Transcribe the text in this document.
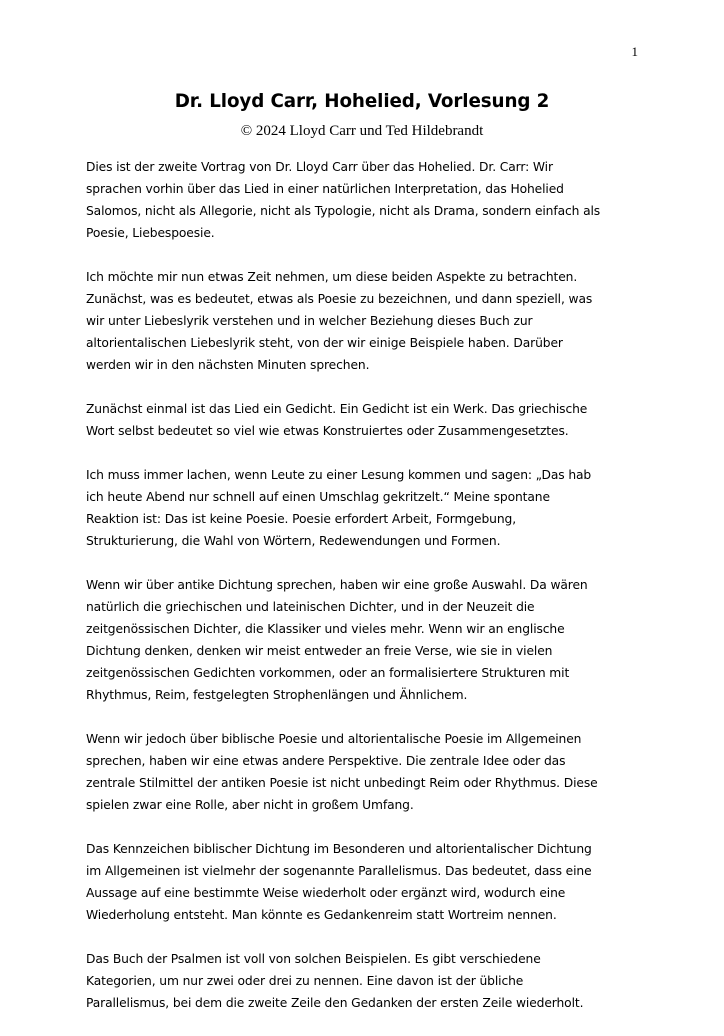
1
Dr. Lloyd Carr, Hohelied, Vorlesung 2
© 2024 Lloyd Carr und Ted Hildebrandt
Dies ist der zweite Vortrag von Dr. Lloyd Carr über das Hohelied. Dr. Carr: Wir
sprachen vorhin über das Lied in einer natürlichen Interpretation, das Hohelied
Salomos, nicht als Allegorie, nicht als Typologie, nicht als Drama, sondern einfach als
Poesie, Liebespoesie.
Ich möchte mir nun etwas Zeit nehmen, um diese beiden Aspekte zu betrachten.
Zunächst, was es bedeutet, etwas als Poesie zu bezeichnen, und dann speziell, was
wir unter Liebeslyrik verstehen und in welcher Beziehung dieses Buch zur
altorientalischen Liebeslyrik steht, von der wir einige Beispiele haben. Darüber
werden wir in den nächsten Minuten sprechen.
Zunächst einmal ist das Lied ein Gedicht. Ein Gedicht ist ein Werk. Das griechische
Wort selbst bedeutet so viel wie etwas Konstruiertes oder Zusammengesetztes.
Ich muss immer lachen, wenn Leute zu einer Lesung kommen und sagen: „Das hab
ich heute Abend nur schnell auf einen Umschlag gekritzelt.“ Meine spontane
Reaktion ist: Das ist keine Poesie. Poesie erfordert Arbeit, Formgebung,
Strukturierung, die Wahl von Wörtern, Redewendungen und Formen.
Wenn wir über antike Dichtung sprechen, haben wir eine große Auswahl. Da wären
natürlich die griechischen und lateinischen Dichter, und in der Neuzeit die
zeitgenössischen Dichter, die Klassiker und vieles mehr. Wenn wir an englische
Dichtung denken, denken wir meist entweder an freie Verse, wie sie in vielen
zeitgenössischen Gedichten vorkommen, oder an formalisiertere Strukturen mit
Rhythmus, Reim, festgelegten Strophenlängen und Ähnlichem.
Wenn wir jedoch über biblische Poesie und altorientalische Poesie im Allgemeinen
sprechen, haben wir eine etwas andere Perspektive. Die zentrale Idee oder das
zentrale Stilmittel der antiken Poesie ist nicht unbedingt Reim oder Rhythmus. Diese
spielen zwar eine Rolle, aber nicht in großem Umfang.
Das Kennzeichen biblischer Dichtung im Besonderen und altorientalischer Dichtung
im Allgemeinen ist vielmehr der sogenannte Parallelismus. Das bedeutet, dass eine
Aussage auf eine bestimmte Weise wiederholt oder ergänzt wird, wodurch eine
Wiederholung entsteht. Man könnte es Gedankenreim statt Wortreim nennen.
Das Buch der Psalmen ist voll von solchen Beispielen. Es gibt verschiedene
Kategorien, um nur zwei oder drei zu nennen. Eine davon ist der übliche
Parallelismus, bei dem die zweite Zeile den Gedanken der ersten Zeile wiederholt.
